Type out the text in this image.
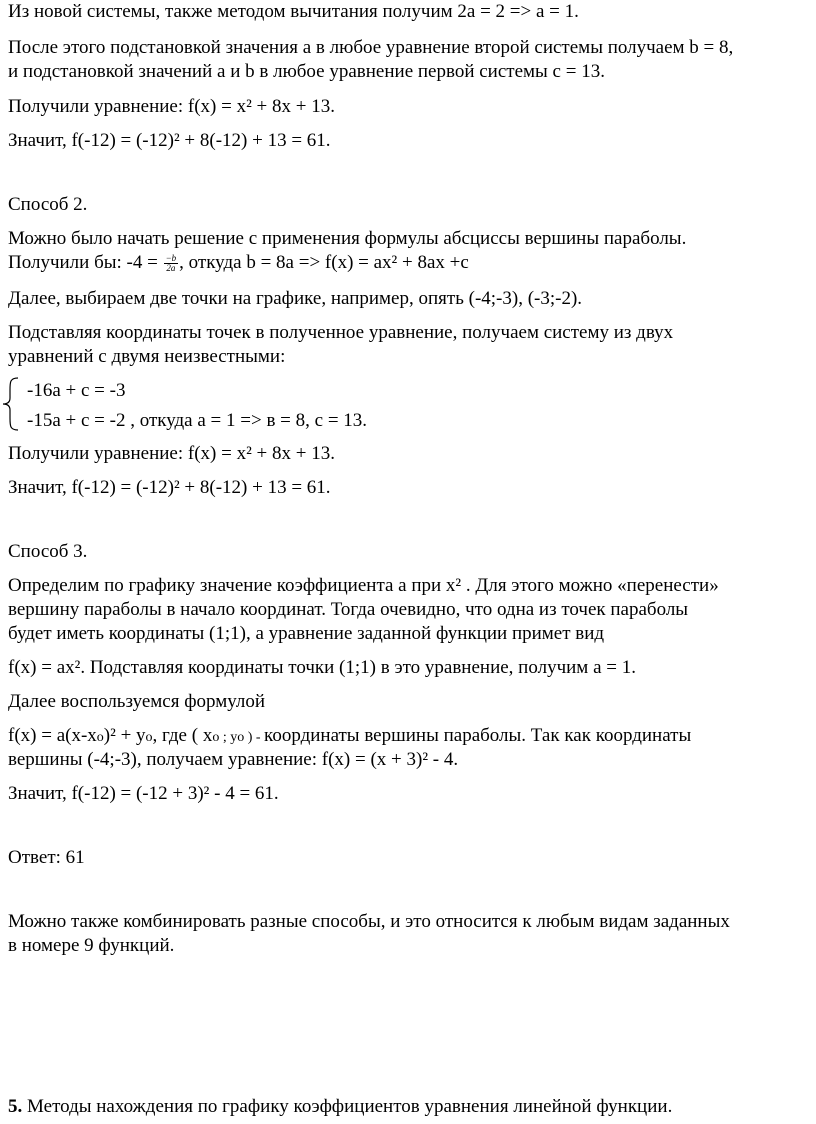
Из новой системы, также методом вычитания получим 2а = 2 => а = 1.
После этого подстановкой значения а в любое уравнение второй системы получаем b = 8,
и подстановкой значений а и b в любое уравнение первой системы с = 13.
Получили уравнение: f(x) = x² + 8x + 13.
Значит, f(-12) = (-12)² + 8(-12) + 13 = 61.
Способ 2.
Можно было начать решение с применения формулы абсциссы вершины параболы.
Получили бы: $-4 = \frac{-b}{2a}$ , откуда b = 8a => f(x) = ax² + 8ax +c
Далее, выбираем две точки на графике, например, опять (-4;-3), (-3;-2).
Подставляя координаты точек в полученное уравнение, получаем систему из двух
уравнений с двумя неизвестными:
-16а + с = -3
-15а + с = -2 , откуда а = 1 => в = 8, с = 13.
Получили уравнение: f(x) = x² + 8x + 13.
Значит, f(-12) = (-12)² + 8(-12) + 13 = 61.
Способ 3.
Определим по графику значение коэффициента а при х² . Для этого можно «перенести»
вершину параболы в начало координат. Тогда очевидно, что одна из точек параболы
будет иметь координаты (1;1), а уравнение заданной функции примет вид
f(x) = ax². Подставляя координаты точки (1;1) в это уравнение, получим а = 1.
Далее воспользуемся формулой
f(x) = a(x-xo)² + yo, где ( xo ; yo ) - координаты вершины параболы. Так как координаты
вершины (-4;-3), получаем уравнение: f(x) = (x + 3)² - 4.
Значит, f(-12) = (-12 + 3)² - 4 = 61.
Ответ: 61
Можно также комбинировать разные способы, и это относится к любым видам заданных
в номере 9 функций.
5. Методы нахождения по графику коэффициентов уравнения линейной функции.
